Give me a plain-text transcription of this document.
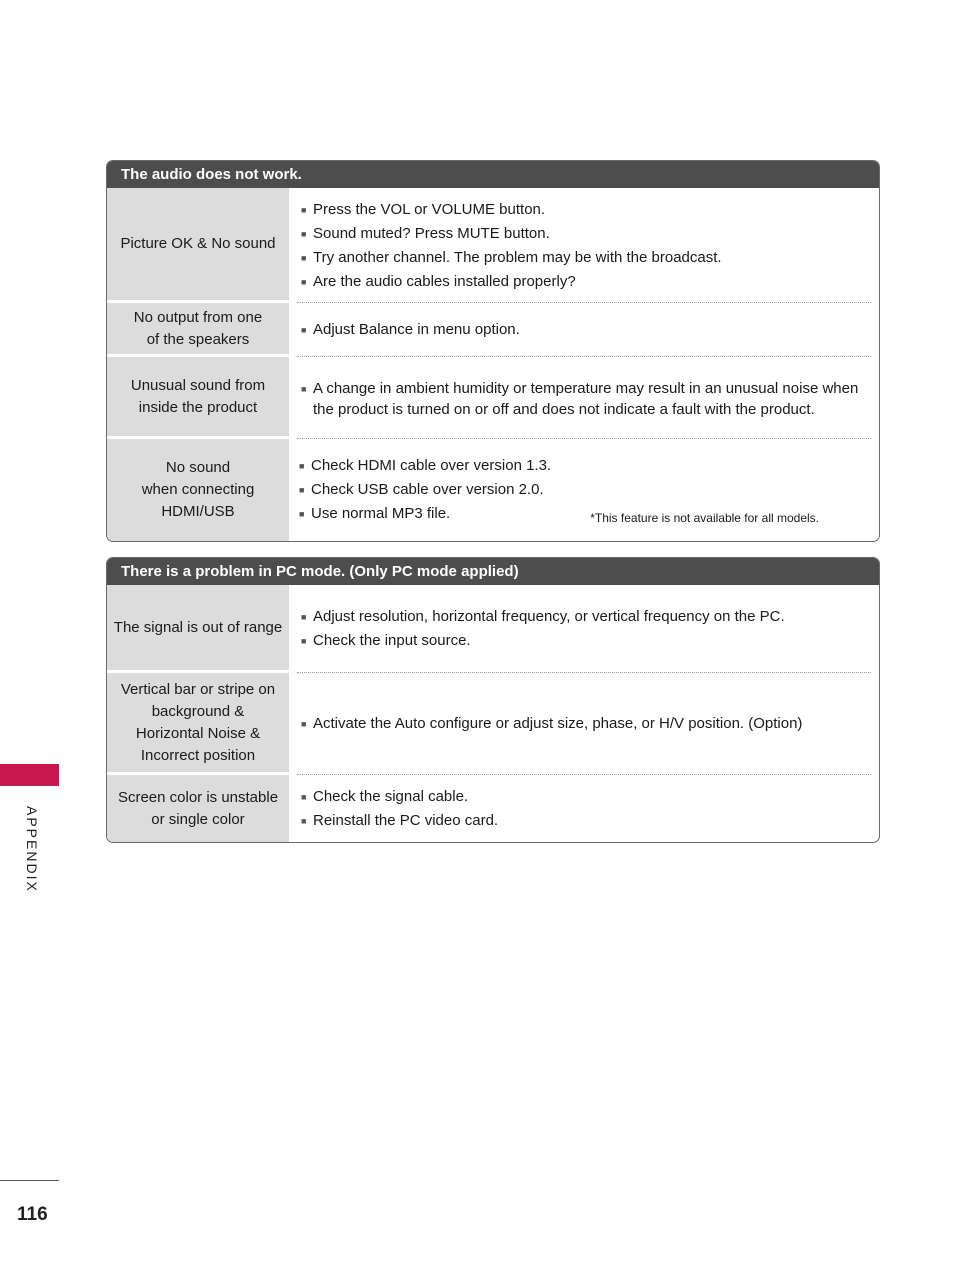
The audio does not work.
Picture OK & No sound
■ Press the VOL or VOLUME button.
■ Sound muted? Press MUTE button.
■ Try another channel. The problem may be with the broadcast.
■ Are the audio cables installed properly?
No output from one
of the speakers
■ Adjust Balance in menu option.
Unusual sound from
inside the product
■ A change in ambient humidity or temperature may result in an unusual noise when the product is turned on or off and does not indicate a fault with the product.
No sound
when connecting
HDMI/USB
■ Check HDMI cable over version 1.3.
■ Check USB cable over version 2.0.
■ Use normal MP3 file.	*This feature is not available for all models.
There is a problem in PC mode. (Only PC mode applied)
The signal is out of range
■ Adjust resolution, horizontal frequency, or vertical frequency on the PC.
■ Check the input source.
Vertical bar or stripe on
background &
Horizontal Noise &
Incorrect position
■ Activate the Auto configure or adjust size, phase, or H/V position. (Option)
Screen color is unstable
or single color
■ Check the signal cable.
■ Reinstall the PC video card.
APPENDIX
116
